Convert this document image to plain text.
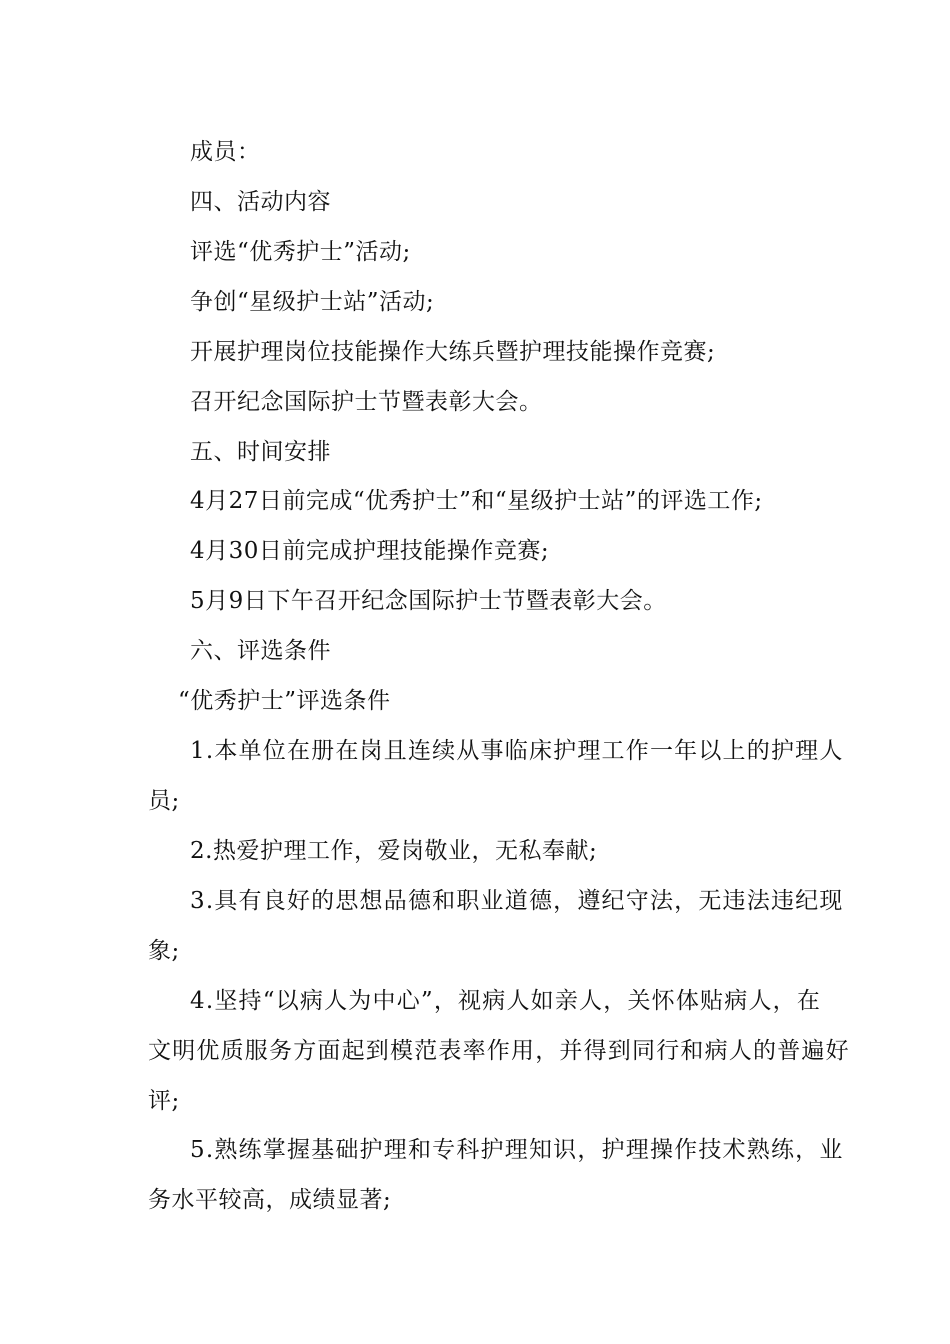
成员：
四、活动内容
评选“优秀护士”活动;
争创“星级护士站”活动;
开展护理岗位技能操作大练兵暨护理技能操作竞赛;
召开纪念国际护士节暨表彰大会。
五、时间安排
4月27日前完成“优秀护士”和“星级护士站”的评选工作;
4月30日前完成护理技能操作竞赛;
5月9日下午召开纪念国际护士节暨表彰大会。
六、评选条件
“优秀护士”评选条件
1.本单位在册在岗且连续从事临床护理工作一年以上的护理人
员;
2.热爱护理工作，爱岗敬业，无私奉献;
3.具有良好的思想品德和职业道德，遵纪守法，无违法违纪现
象;
4.坚持“以病人为中心”，视病人如亲人，关怀体贴病人，在
文明优质服务方面起到模范表率作用，并得到同行和病人的普遍好
评;
5.熟练掌握基础护理和专科护理知识，护理操作技术熟练，业
务水平较高，成绩显著;
